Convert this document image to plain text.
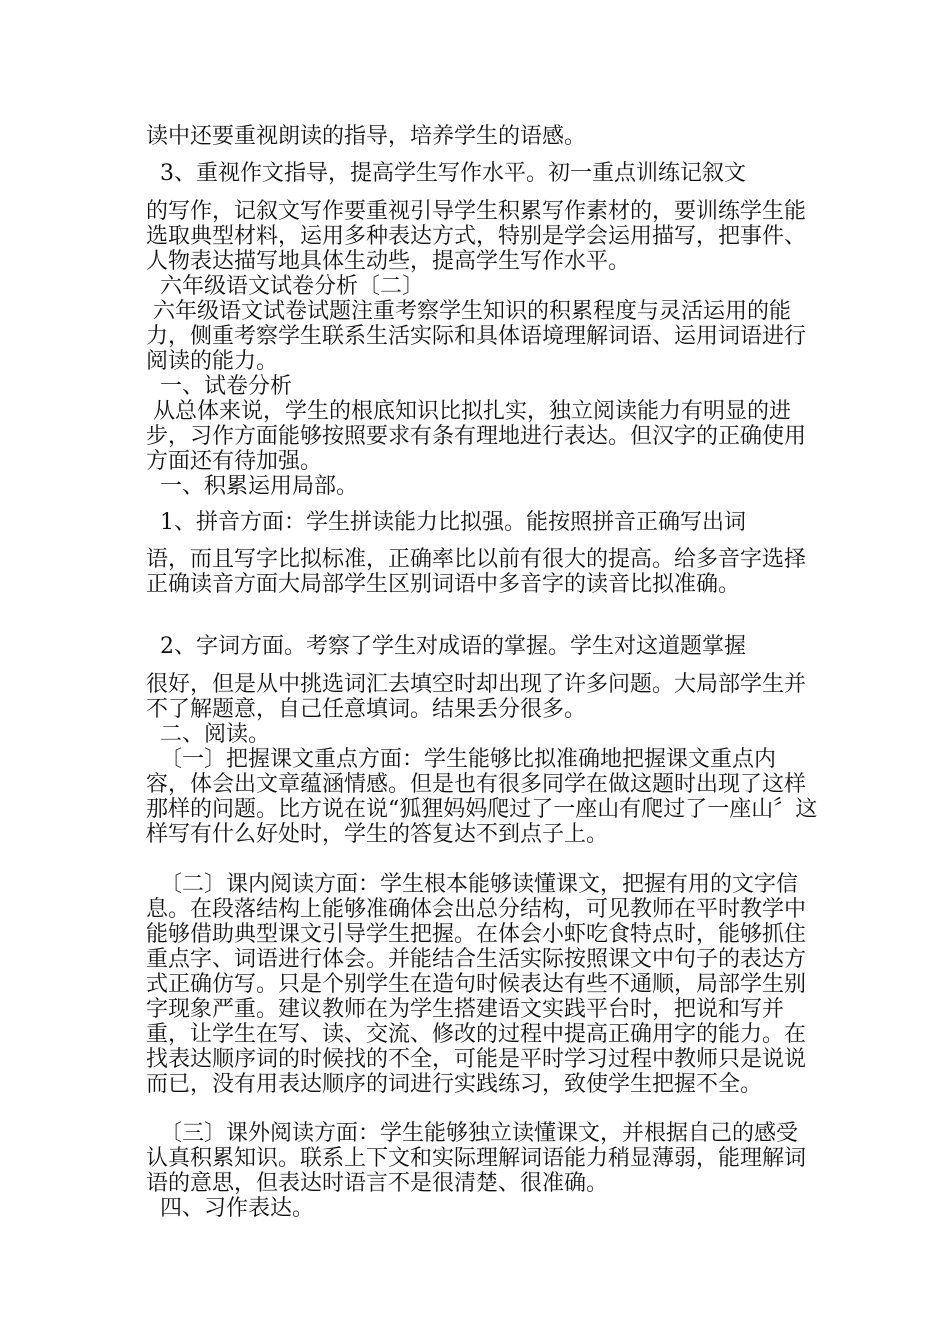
读中还要重视朗读的指导，培养学生的语感。

3、重视作文指导，提高学生写作水平。初一重点训练记叙文

的写作，记叙文写作要重视引导学生积累写作素材的，要训练学生能选取典型材料，运用多种表达方式，特别是学会运用描写，把事件、人物表达描写地具体生动些，提高学生写作水平。

六年级语文试卷分析〔二〕

六年级语文试卷试题注重考察学生知识的积累程度与灵活运用的能力，侧重考察学生联系生活实际和具体语境理解词语、运用词语进行阅读的能力。

一、试卷分析

从总体来说，学生的根底知识比拟扎实，独立阅读能力有明显的进步，习作方面能够按照要求有条有理地进行表达。但汉字的正确使用方面还有待加强。

一、积累运用局部。

1、拼音方面：学生拼读能力比拟强。能按照拼音正确写出词

语，而且写字比拟标准，正确率比以前有很大的提高。给多音字选择正确读音方面大局部学生区别词语中多音字的读音比拟准确。

2、字词方面。考察了学生对成语的掌握。学生对这道题掌握

很好，但是从中挑选词汇去填空时却出现了许多问题。大局部学生并不了解题意，自己任意填词。结果丢分很多。

二、阅读。

〔一〕把握课文重点方面：学生能够比拟准确地把握课文重点内容，体会出文章蕴涵情感。但是也有很多同学在做这题时出现了这样那样的问题。比方说在说“狐狸妈妈爬过了一座山有爬过了一座山〞这样写有什么好处时，学生的答复达不到点子上。

〔二〕课内阅读方面：学生根本能够读懂课文，把握有用的文字信息。在段落结构上能够准确体会出总分结构，可见教师在平时教学中能够借助典型课文引导学生把握。在体会小虾吃食特点时，能够抓住重点字、词语进行体会。并能结合生活实际按照课文中句子的表达方式正确仿写。只是个别学生在造句时候表达有些不通顺，局部学生别字现象严重。建议教师在为学生搭建语文实践平台时，把说和写并重，让学生在写、读、交流、修改的过程中提高正确用字的能力。在找表达顺序词的时候找的不全，可能是平时学习过程中教师只是说说而已，没有用表达顺序的词进行实践练习，致使学生把握不全。

〔三〕课外阅读方面：学生能够独立读懂课文，并根据自己的感受认真积累知识。联系上下文和实际理解词语能力稍显薄弱，能理解词语的意思，但表达时语言不是很清楚、很准确。

四、习作表达。
